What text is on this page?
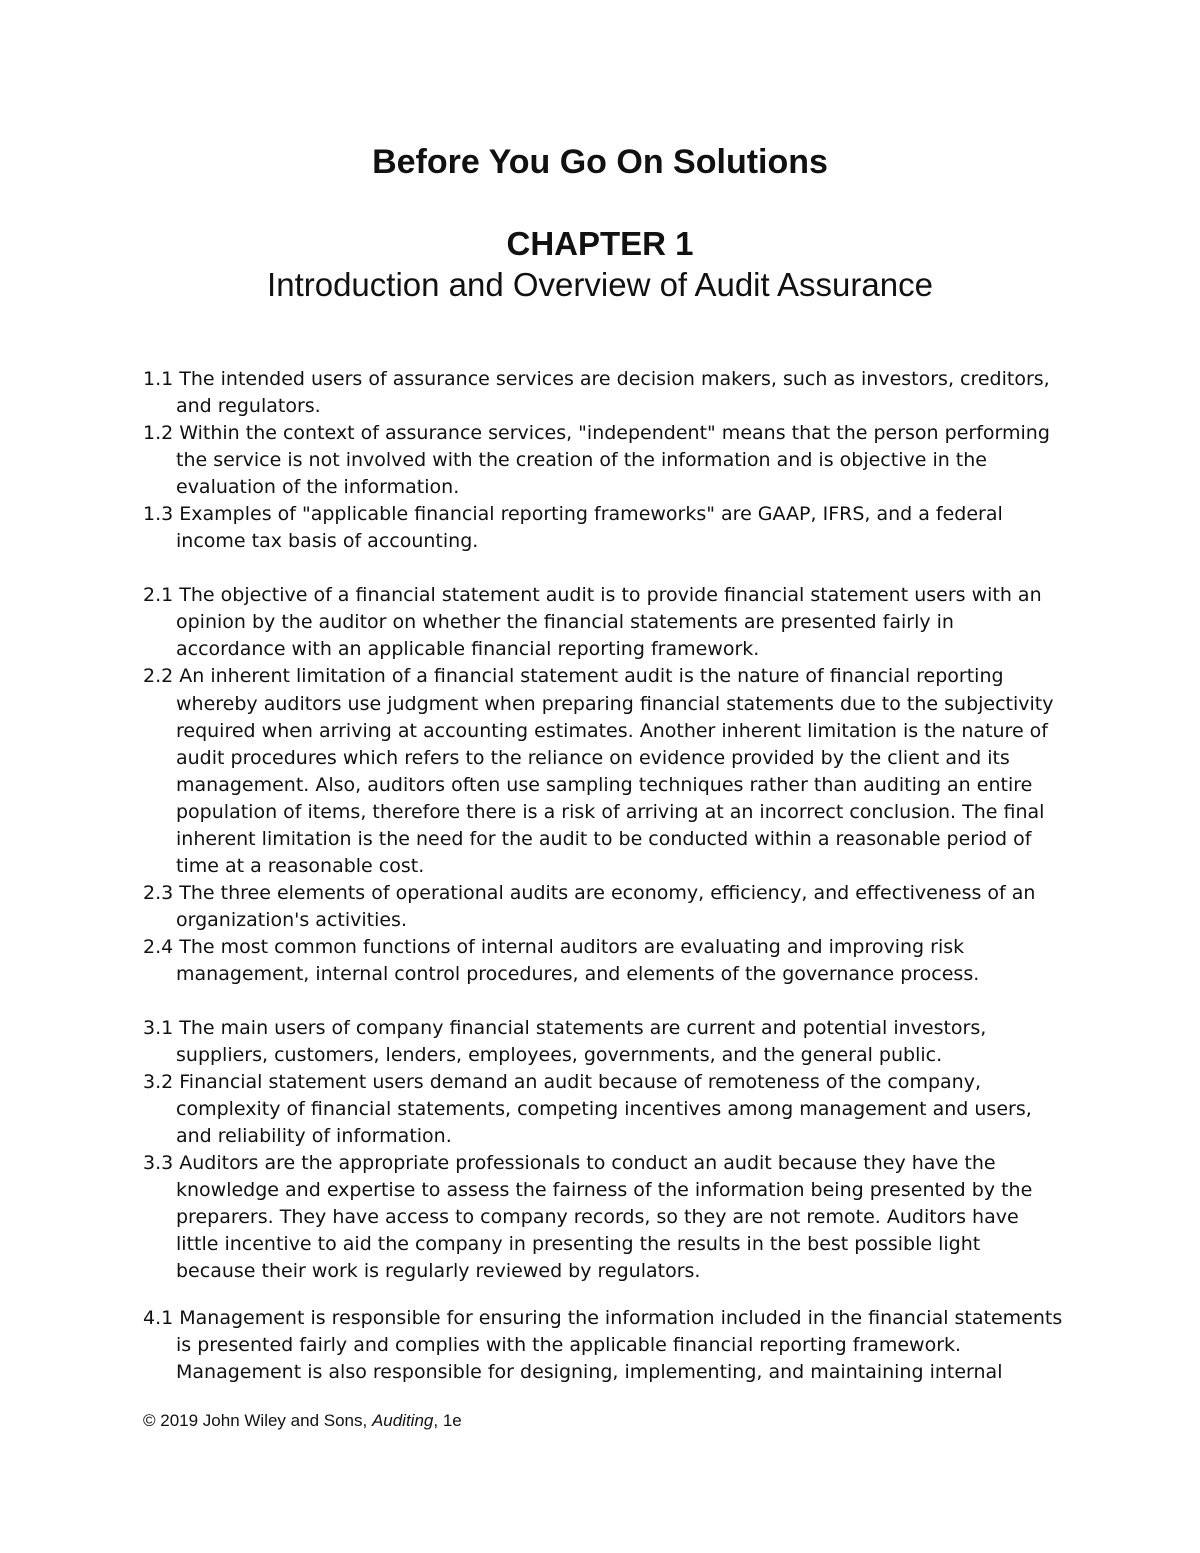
Before You Go On Solutions
CHAPTER 1
Introduction and Overview of Audit Assurance

1.1 The intended users of assurance services are decision makers, such as investors, creditors, and regulators.

1.2 Within the context of assurance services, "independent" means that the person performing the service is not involved with the creation of the information and is objective in the evaluation of the information.

1.3 Examples of "applicable financial reporting frameworks" are GAAP, IFRS, and a federal income tax basis of accounting.

2.1 The objective of a financial statement audit is to provide financial statement users with an opinion by the auditor on whether the financial statements are presented fairly in accordance with an applicable financial reporting framework.

2.2 An inherent limitation of a financial statement audit is the nature of financial reporting whereby auditors use judgment when preparing financial statements due to the subjectivity required when arriving at accounting estimates. Another inherent limitation is the nature of audit procedures which refers to the reliance on evidence provided by the client and its management. Also, auditors often use sampling techniques rather than auditing an entire population of items, therefore there is a risk of arriving at an incorrect conclusion. The final inherent limitation is the need for the audit to be conducted within a reasonable period of time at a reasonable cost.

2.3 The three elements of operational audits are economy, efficiency, and effectiveness of an organization's activities.

2.4 The most common functions of internal auditors are evaluating and improving risk management, internal control procedures, and elements of the governance process.

3.1 The main users of company financial statements are current and potential investors, suppliers, customers, lenders, employees, governments, and the general public.

3.2 Financial statement users demand an audit because of remoteness of the company, complexity of financial statements, competing incentives among management and users, and reliability of information.

3.3 Auditors are the appropriate professionals to conduct an audit because they have the knowledge and expertise to assess the fairness of the information being presented by the preparers. They have access to company records, so they are not remote. Auditors have little incentive to aid the company in presenting the results in the best possible light because their work is regularly reviewed by regulators.

4.1 Management is responsible for ensuring the information included in the financial statements is presented fairly and complies with the applicable financial reporting framework. Management is also responsible for designing, implementing, and maintaining internal

© 2019 John Wiley and Sons, Auditing, 1e
